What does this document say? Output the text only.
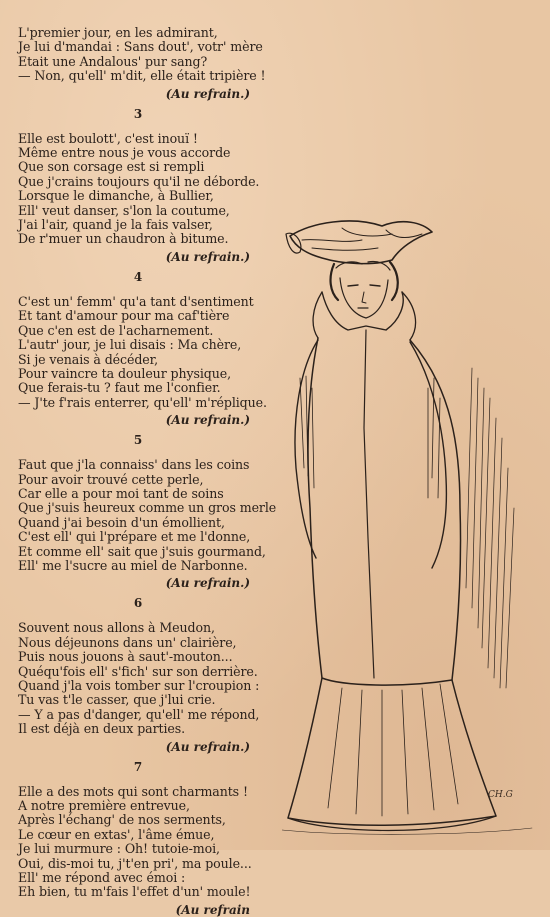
L'premier jour, en les admirant,
Je lui d'mandai : Sans dout', votr' mère
Etait une Andalous' pur sang?
— Non, qu'ell' m'dit, elle était tripière !
(Au refrain.)
3
Elle est boulott', c'est inouï !
Même entre nous je vous accorde
Que son corsage est si rempli
Que j'crains toujours qu'il ne déborde.
Lorsque le dimanche, à Bullier,
Ell' veut danser, s'lon la coutume,
J'ai l'air, quand je la fais valser,
De r'muer un chaudron à bitume.
(Au refrain.)
4
C'est un' femm' qu'a tant d'sentiment
Et tant d'amour pour ma caf'tière
Que c'en est de l'acharnement.
L'autr' jour, je lui disais : Ma chère,
Si je venais à décéder,
Pour vaincre ta douleur physique,
Que ferais-tu ? faut me l'confier.
— J'te f'rais enterrer, qu'ell' m'réplique.
(Au refrain.)
5
Faut que j'la connaiss' dans les coins
Pour avoir trouvé cette perle,
Car elle a pour moi tant de soins
Que j'suis heureux comme un gros merle
Quand j'ai besoin d'un émollient,
C'est ell' qui l'prépare et me l'donne,
Et comme ell' sait que j'suis gourmand,
Ell' me l'sucre au miel de Narbonne.
(Au refrain.)
6
Souvent nous allons à Meudon,
Nous déjeunons dans un' clairière,
Puis nous jouons à saut'-mouton...
Quéqu'fois ell' s'fich' sur son derrière.
Quand j'la vois tomber sur l'croupion :
Tu vas t'le casser, que j'lui crie.
— Y a pas d'danger, qu'ell' me répond,
Il est déjà en deux parties.
(Au refrain.)
7
Elle a des mots qui sont charmants !
A notre première entrevue,
Après l'échang' de nos serments,
Le cœur en extas', l'âme émue,
Je lui murmure : Oh! tutoie-moi,
Oui, dis-moi tu, j't'en pri', ma poule...
Ell' me répond avec émoi :
Eh bien, tu m'fais l'effet d'un' moule!
(Au refrain
CH.G
